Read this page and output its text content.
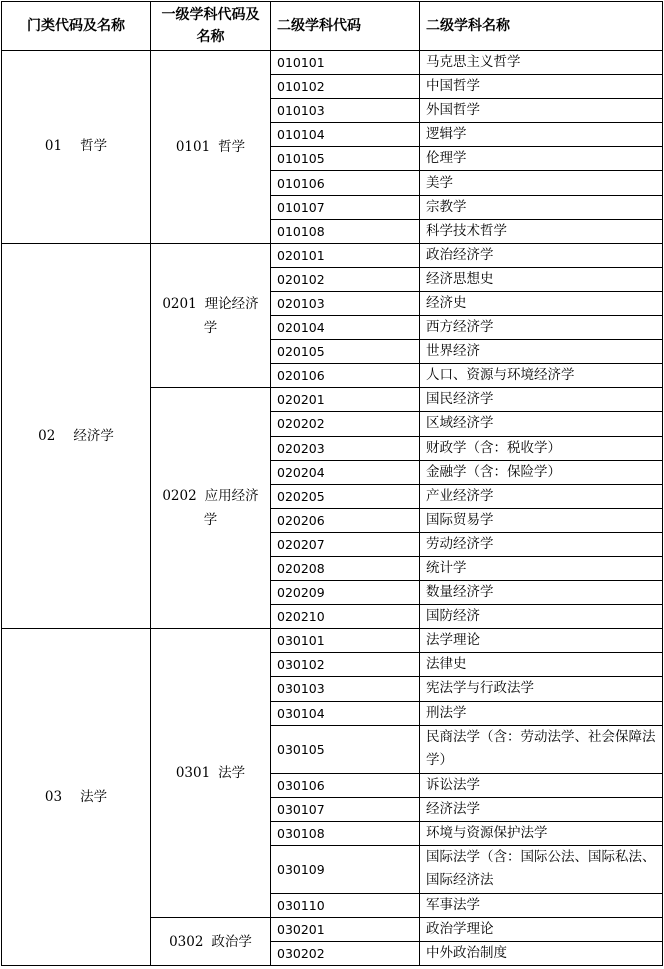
门类代码及名称	一级学科代码及名称	二级学科代码	二级学科名称
01 哲学	0101 哲学	010101	马克思主义哲学
		010102	中国哲学
		010103	外国哲学
		010104	逻辑学
		010105	伦理学
		010106	美学
		010107	宗教学
		010108	科学技术哲学
02 经济学	0201 理论经济学	020101	政治经济学
		020102	经济思想史
		020103	经济史
		020104	西方经济学
		020105	世界经济
		020106	人口、资源与环境经济学
	0202 应用经济学	020201	国民经济学
		020202	区域经济学
		020203	财政学（含：税收学）
		020204	金融学（含：保险学）
		020205	产业经济学
		020206	国际贸易学
		020207	劳动经济学
		020208	统计学
		020209	数量经济学
		020210	国防经济
03 法学	0301 法学	030101	法学理论
		030102	法律史
		030103	宪法学与行政法学
		030104	刑法学
		030105	民商法学（含：劳动法学、社会保障法学）
		030106	诉讼法学
		030107	经济法学
		030108	环境与资源保护法学
		030109	国际法学（含：国际公法、国际私法、国际经济法
		030110	军事法学
	0302 政治学	030201	政治学理论
		030202	中外政治制度
